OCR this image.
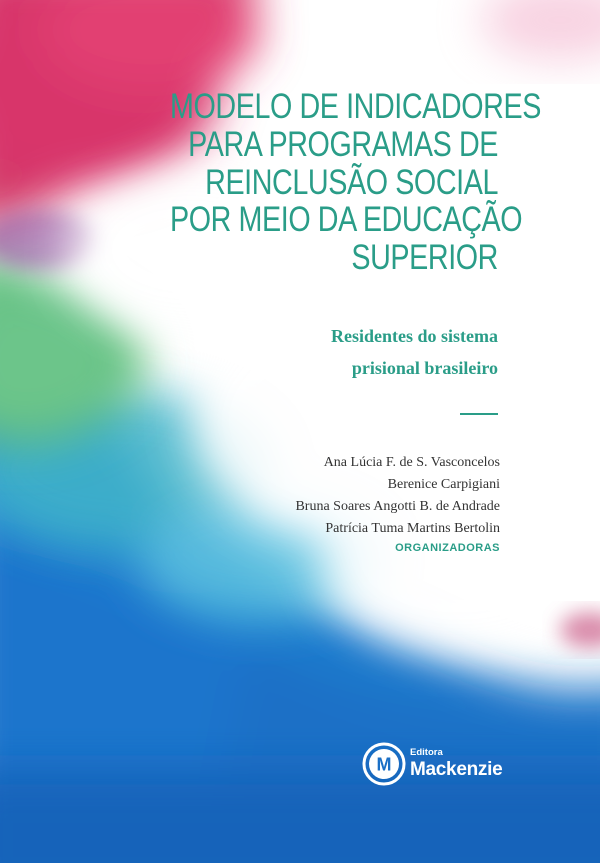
MODELO DE INDICADORES
PARA PROGRAMAS DE
REINCLUSÃO SOCIAL
POR MEIO DA EDUCAÇÃO
SUPERIOR
Residentes do sistema
prisional brasileiro
Ana Lúcia F. de S. Vasconcelos
Berenice Carpigiani
Bruna Soares Angotti B. de Andrade
Patrícia Tuma Martins Bertolin
ORGANIZADORAS
M
Editora
Mackenzie
